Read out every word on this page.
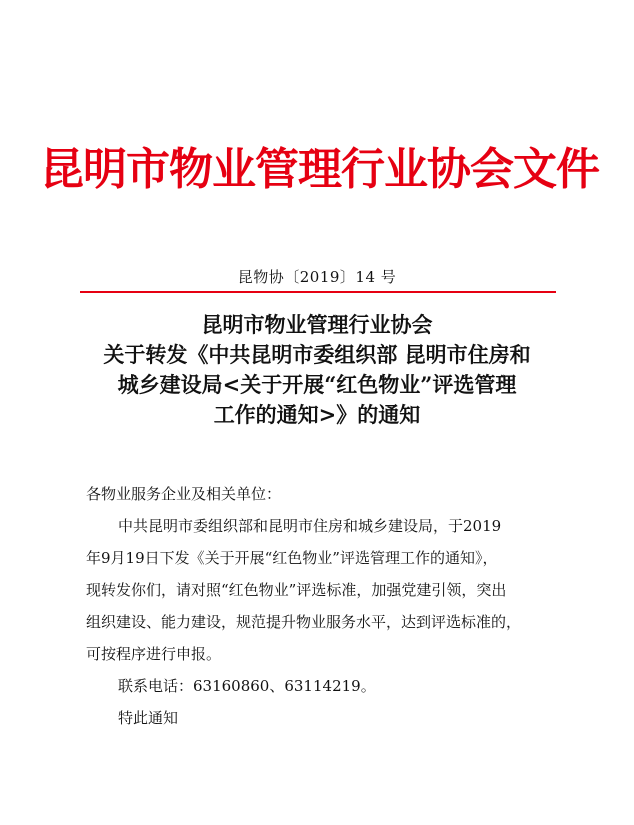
昆明市物业管理行业协会文件
昆物协〔2019〕14 号
昆明市物业管理行业协会
关于转发《中共昆明市委组织部 昆明市住房和
城乡建设局<关于开展“红色物业”评选管理
工作的通知>》的通知

各物业服务企业及相关单位：

中共昆明市委组织部和昆明市住房和城乡建设局，于2019

年9月19日下发《关于开展“红色物业”评选管理工作的通知》，

现转发你们，请对照“红色物业”评选标准，加强党建引领，突出

组织建设、能力建设，规范提升物业服务水平，达到评选标准的，

可按程序进行申报。

联系电话：63160860、63114219。

特此通知
